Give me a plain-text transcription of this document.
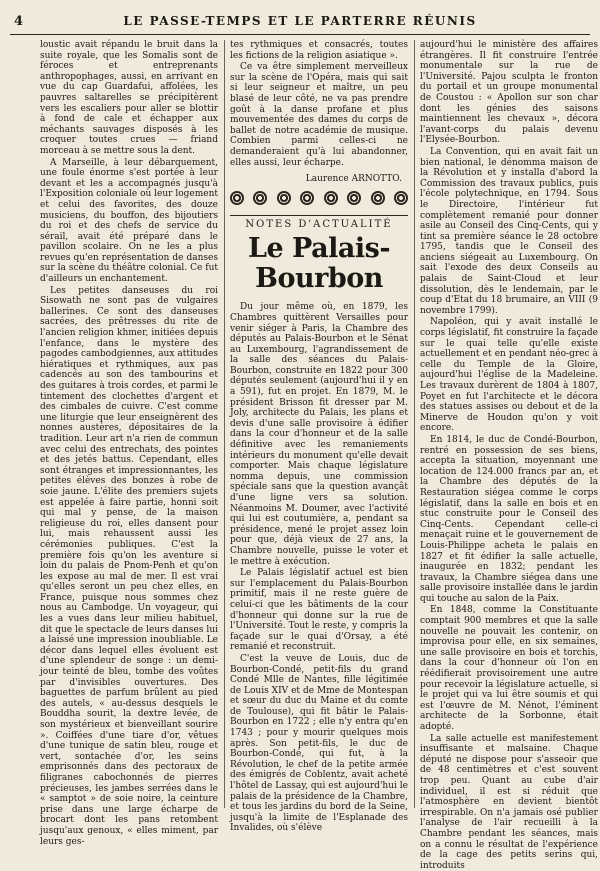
4	LE PASSE-TEMPS ET LE PARTERRE RÉUNIS

loustic avait répandu le bruit dans la suite royale, que les Somalis sont de féroces et entreprenants anthropophages, aussi, en arrivant en vue du cap Guardafui, affolées, les pauvres saltarelles se précipitèrent vers les escaliers pour aller se blottir à fond de cale et échapper aux méchants sauvages disposés à les croquer toutes crues — friand morceau à se mettre sous la dent.

A Marseille, à leur débarquement, une foule énorme s'est portée à leur devant et les a accompagnés jusqu'à l'Exposition coloniale où leur logement et celui des favorites, des douze musiciens, du bouffon, des bijoutiers du roi et des chefs de service du sérail, avait été préparé dans le pavillon scolaire. On ne les a plus revues qu'en représentation de danses sur la scène du théâtre colonial. Ce fut d'ailleurs un enchantement.

Les petites danseuses du roi Sisowath ne sont pas de vulgaires ballerines. Ce sont des danseuses sacrées, des prêtresses du rite de l'ancien religion khmer, initiées depuis l'enfance, dans le mystère des pagodes cambodgiennes, aux attitudes hiératiques et rythmiques, aux pas cadencés au son des tambourins et des guitares à trois cordes, et parmi le tintement des clochettes d'argent et des cimbales de cuivre. C'est comme une liturgie que leur enseignèrent des nonnes austères, dépositaires de la tradition. Leur art n'a rien de commun avec celui des entrechats, des pointes et des jetés battus. Cependant, elles sont étranges et impressionnantes, les petites élèves des bonzes à robe de soie jaune. L'élite des premiers sujets est appelée à faire partie, honni soit qui mal y pense, de la maison religieuse du roi, elles dansent pour lui, mais rehaussent aussi les cérémonies publiques. C'est la première fois qu'on les aventure si loin du palais de Pnom-Penh et qu'on les expose au mal de mer. Il est vrai qu'elles seront un peu chez elles, en France, puisque nous sommes chez nous au Cambodge. Un voyageur, qui les a vues dans leur milieu habituel, dit que le spectacle de leurs danses lui a laissé une impression inoubliable. Le décor dans lequel elles évoluent est d'une splendeur de songe : un demi-jour teinté de bleu, tombe des voûtes par d'invisibles ouvertures. Des baguettes de parfum brûlent au pied des autels, « au-dessus desquels le Bouddha sourit, la dextre levée, de son mystérieux et bienveillant sourire ». Coiffées d'une tiare d'or, vêtues d'une tunique de satin bleu, rouge et vert, sontachée d'or, les seins emprisonnés dans des pectoraux de filigranes cabochonnés de pierres précieuses, les jambes serrées dans le « samptot » de soie noire, la ceinture prise dans une large écharpe de brocart dont les pans retombent jusqu'aux genoux, « elles miment, par leurs ges-

tes rythmiques et consacrés, toutes les fictions de la religion asiatique ».

Ce va être simplement merveilleux sur la scène de l'Opéra, mais qui sait si leur seigneur et maître, un peu blasé de leur côté, ne va pas prendre goût à la danse profane et plus mouvementée des dames du corps de ballet de notre académie de musique. Combien parmi celles-ci ne demanderaient qu'à lui abandonner, elles aussi, leur écharpe.

Laurence ARNOTTO.
NOTES D'ACTUALITÉ
Le Palais-Bourbon

Du jour même où, en 1879, les Chambres quittèrent Versailles pour venir siéger à Paris, la Chambre des députés au Palais-Bourbon et le Sénat au Luxembourg, l'agrandissement de la salle des séances du Palais-Bourbon, construite en 1822 pour 300 députés seulement (aujourd'hui il y en a 591), fut en projet. En 1879, M. le président Brisson fit dresser par M. Joly, architecte du Palais, les plans et devis d'une salle provisoire à édifier dans la cour d'honneur et de la salle définitive avec les remaniements intérieurs du monument qu'elle devait comporter. Mais chaque législature nomma depuis, une commission spéciale sans que la question avançât d'une ligne vers sa solution. Néanmoins M. Doumer, avec l'activité qui lui est coutumière, a, pendant sa présidence, mené le projet assez loin pour que, déjà vieux de 27 ans, la Chambre nouvelle, puisse le voter et le mettre à exécution.

Le Palais législatif actuel est bien sur l'emplacement du Palais-Bourbon primitif, mais il ne reste guère de celui-ci que les bâtiments de la cour d'honneur qui donne sur la rue de l'Université. Tout le reste, y compris la façade sur le quai d'Orsay, a été remanié et reconstruit.

C'est la veuve de Louis, duc de Bourbon-Condé, petit-fils du grand Condé Mlle de Nantes, fille légitimée de Louis XIV et de Mme de Montespan et sœur du duc du Maine et du comte de Toulouse), qui fit bâtir le Palais-Bourbon en 1722 ; elle n'y entra qu'en 1743 ; pour y mourir quelques mois après. Son petit-fils, le duc de Bourbon-Condé, qui fut, à la Révolution, le chef de la petite armée des émigrés de Coblentz, avait acheté l'hôtel de Lassay, qui est aujourd'hui le palais de la présidence de la Chambre, et tous les jardins du bord de la Seine, jusqu'à la limite de l'Esplanade des Invalides, où s'élève

aujourd'hui le ministère des affaires étrangères. Il fit construire l'entrée monumentale sur la rue de l'Université. Pajou sculpta le fronton du portail et un groupe monumental de Coustou : « Apollon sur son char dont les génies des saisons maintiennent les chevaux », décora l'avant-corps du palais devenu l'Elysée-Bourbon.

La Convention, qui en avait fait un bien national, le dénomma maison de la Révolution et y installa d'abord la Commission des travaux publics, puis l'école polytechnique, en 1794. Sous le Directoire, l'intérieur fut complètement remanié pour donner asile au Conseil des Cinq-Cents, qui y tint sa première séance le 28 octobre 1795, tandis que le Conseil des anciens siégeait au Luxembourg. On sait l'exode des deux Conseils au palais de Saint-Cloud et leur dissolution, dès le lendemain, par le coup d'Etat du 18 brumaire, an VIII (9 novembre 1799).

Napoléon, qui y avait installé le corps législatif, fit construire la façade sur le quai telle qu'elle existe actuellement et en pendant néo-grec à celle du Temple de la Gloire, aujourd'hui l'église de la Madeleine. Les travaux durèrent de 1804 à 1807, Poyet en fut l'architecte et le décora des statues assises ou debout et de la Minerve de Houdon qu'on y voit encore.

En 1814, le duc de Condé-Bourbon, rentré en possession de ses biens, accepta la situation, moyennant une location de 124.000 francs par an, et la Chambre des députés de la Restauration siégea comme le corps législatif, dans la salle en bois et en stuc construite pour le Conseil des Cinq-Cents. Cependant celle-ci menaçait ruine et le gouvernement de Louis-Philippe acheta le palais en 1827 et fit édifier la salle actuelle, inaugurée en 1832; pendant les travaux, la Chambre siégea dans une salle provisoire installée dans le jardin qui touche au salon de la Paix.

En 1848, comme la Constituante comptait 900 membres et que la salle nouvelle ne pouvait les contenir, on improvisa pour elle, en six semaines, une salle provisoire en bois et torchis, dans la cour d'honneur où l'on en réédifierait provisoirement une autre pour recevoir la législature actuelle, si le projet qui va lui être soumis et qui est l'œuvre de M. Nénot, l'éminent architecte de la Sorbonne, était adopté.

La salle actuelle est manifestement insuffisante et malsaine. Chaque député ne dispose pour s'asseoir que de 48 centimètres et c'est souvent trop peu. Quant au cube d'air individuel, il est si réduit que l'atmosphère en devient bientôt irrespirable. On n'a jamais osé publier l'analyse de l'air recueilli à la Chambre pendant les séances, mais on a connu le résultat de l'expérience de la cage des petits serins qui, introduits
